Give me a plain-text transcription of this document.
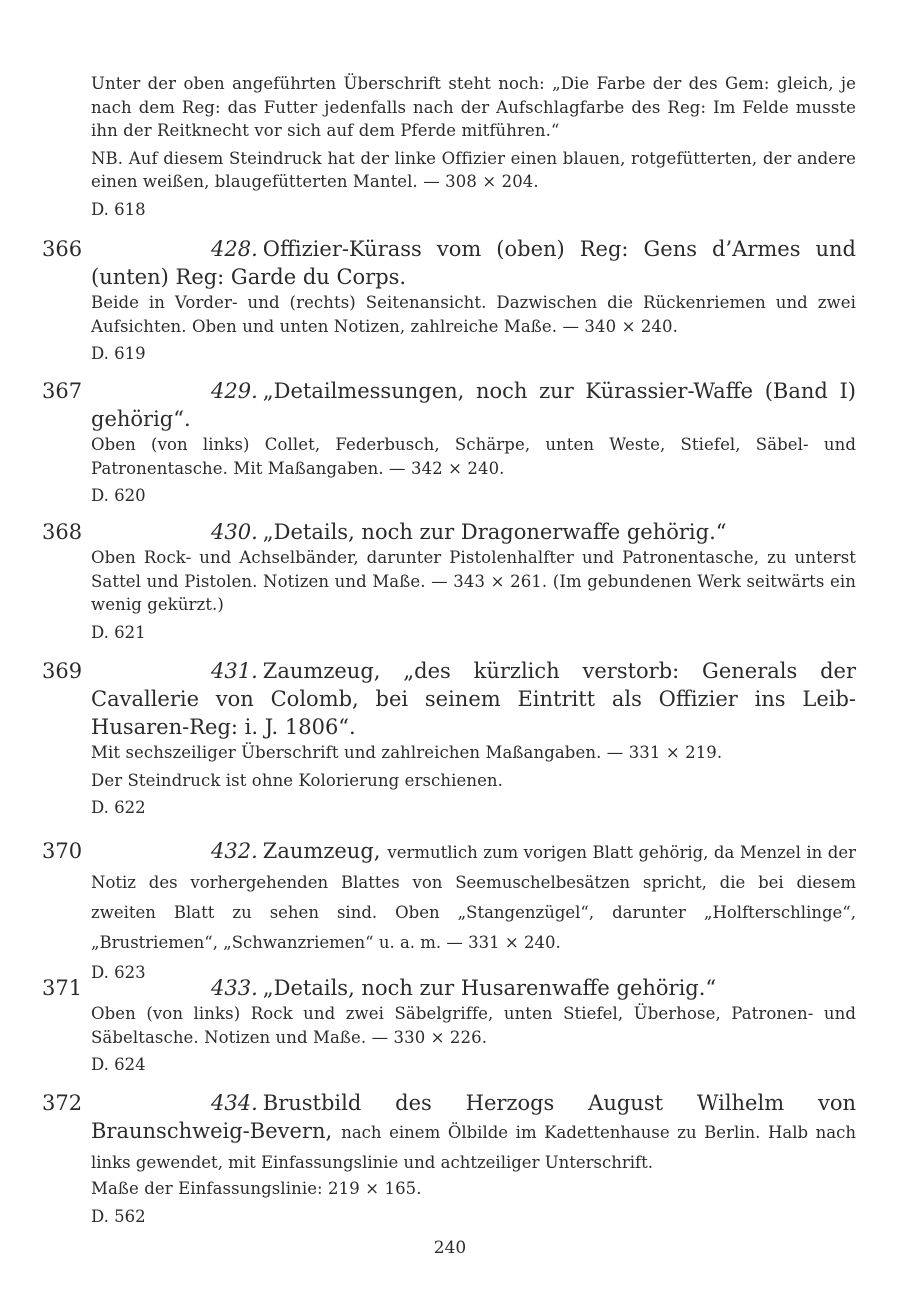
Unter der oben angeführten Überschrift steht noch: „Die Farbe der des Gem: gleich, je nach dem Reg: das Futter jedenfalls nach der Aufschlagfarbe des Reg: Im Felde musste ihn der Reitknecht vor sich auf dem Pferde mitführen.“

NB. Auf diesem Steindruck hat der linke Offizier einen blauen, rotgefütterten, der andere einen weißen, blaugefütterten Mantel. — 308 × 204.

D. 618

366	428. Offizier-Kürass vom (oben) Reg: Gens d’Armes und (unten) Reg: Garde du Corps.

Beide in Vorder- und (rechts) Seitenansicht. Dazwischen die Rückenriemen und zwei Aufsichten. Oben und unten Notizen, zahlreiche Maße. — 340 × 240.

D. 619

367	429. „Detailmessungen, noch zur Kürassier-Waffe (Band I) gehörig“.

Oben (von links) Collet, Federbusch, Schärpe, unten Weste, Stiefel, Säbel- und Patronentasche. Mit Maßangaben. — 342 × 240.

D. 620

368	430. „Details, noch zur Dragonerwaffe gehörig.“

Oben Rock- und Achselbänder, darunter Pistolenhalfter und Patronentasche, zu unterst Sattel und Pistolen. Notizen und Maße. — 343 × 261. (Im gebundenen Werk seitwärts ein wenig gekürzt.)

D. 621

369	431. Zaumzeug, „des kürzlich verstorb: Generals der Cavallerie von Colomb, bei seinem Eintritt als Offizier ins Leib-Husaren-Reg: i. J. 1806“.

Mit sechszeiliger Überschrift und zahlreichen Maßangaben. — 331 × 219.

Der Steindruck ist ohne Kolorierung erschienen.

D. 622

370	432. Zaumzeug, vermutlich zum vorigen Blatt gehörig, da Menzel in der Notiz des vorhergehenden Blattes von Seemuschelbesätzen spricht, die bei diesem zweiten Blatt zu sehen sind. Oben „Stangenzügel“, darunter „Holfterschlinge“, „Brustriemen“, „Schwanzriemen“ u. a. m. — 331 × 240.

D. 623

371	433. „Details, noch zur Husarenwaffe gehörig.“

Oben (von links) Rock und zwei Säbelgriffe, unten Stiefel, Überhose, Patronen- und Säbeltasche. Notizen und Maße. — 330 × 226.

D. 624

372	434. Brustbild des Herzogs August Wilhelm von Braunschweig-Bevern, nach einem Ölbilde im Kadettenhause zu Berlin. Halb nach links gewendet, mit Einfassungslinie und achtzeiliger Unterschrift.

Maße der Einfassungslinie: 219 × 165.

D. 562

240
